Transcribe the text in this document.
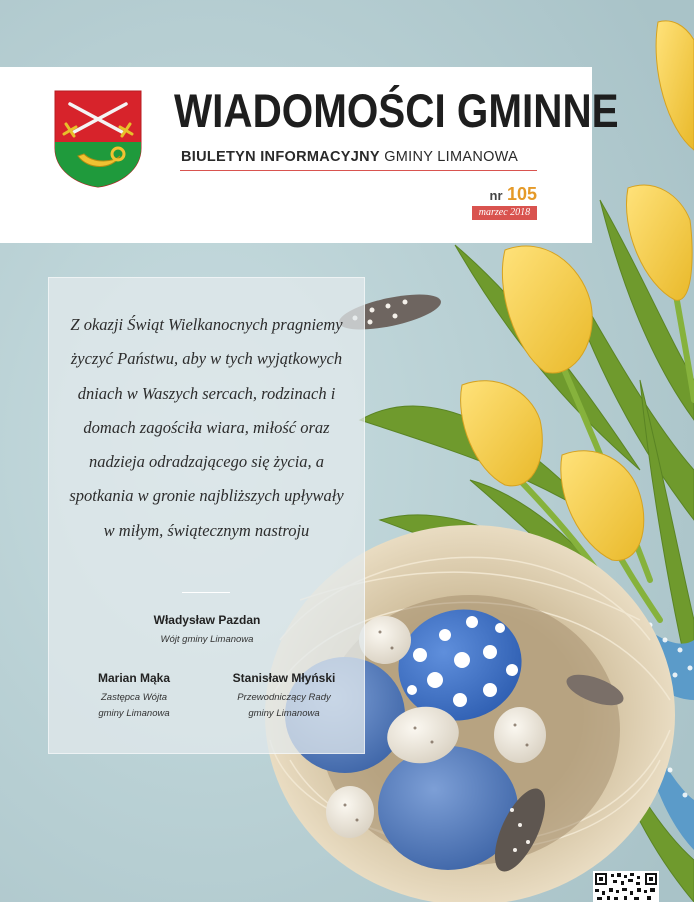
WIADOMOŚCI GMINNE
BIULETYN INFORMACYJNY GMINY LIMANOWA
nr 105
marzec 2018
Z okazji Świąt Wielkanocnych pragniemy życzyć Państwu, aby w tych wyjątkowych dniach w Waszych sercach, rodzinach i domach zagościła wiara, miłość oraz nadzieja odradzającego się życia, a spotkania w gronie najbliższych upływały w miłym, świątecznym nastroju
Władysław Pazdan
Wójt gminy Limanowa
Marian Mąka
Zastępca Wójta
gminy Limanowa
Stanisław Młyński
Przewodniczący Rady
gminy Limanowa
